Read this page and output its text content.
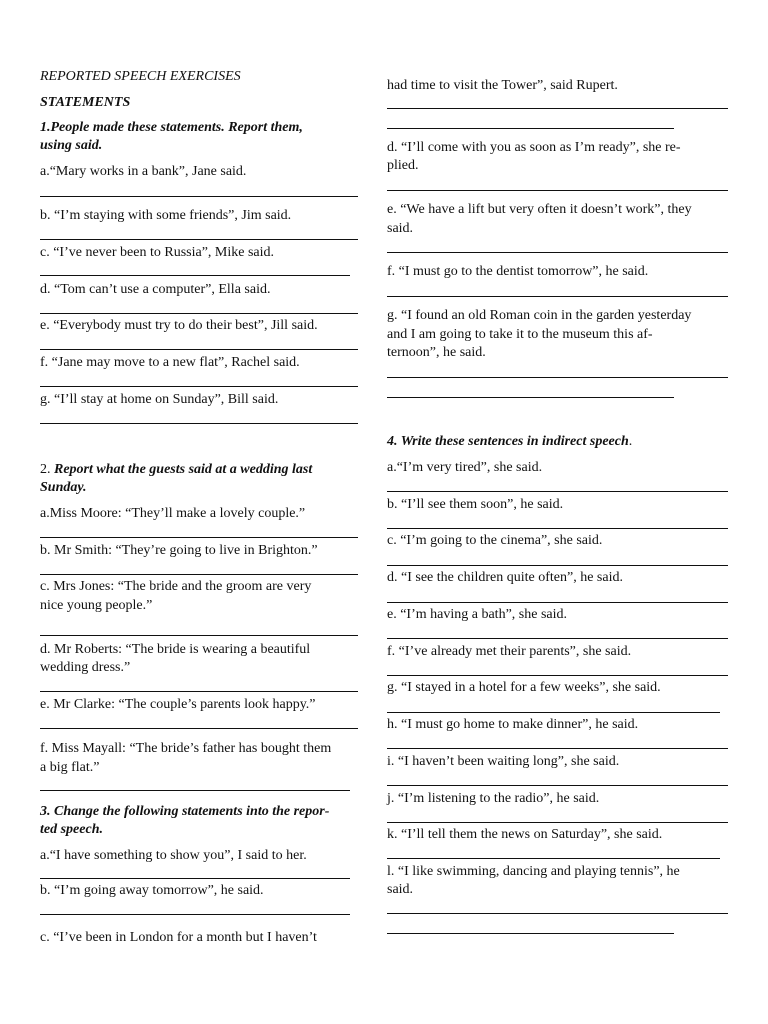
REPORTED SPEECH EXERCISES
STATEMENTS
1.People made these statements. Report them,
using said.
a.“Mary works in a bank”, Jane said.
b. “I’m staying with some friends”, Jim said.
c. “I’ve never been to Russia”, Mike said.
d. “Tom can’t use a computer”, Ella said.
e. “Everybody must try to do their best”, Jill said.
f. “Jane may move to a new flat”, Rachel said.
g. “I’ll stay at home on Sunday”, Bill said.
2. Report what the guests said at a wedding last
Sunday.
a.Miss Moore: “They’ll make a lovely couple.”
b. Mr Smith: “They’re going to live in Brighton.”
c. Mrs Jones: “The bride and the groom are very
nice young people.”
d. Mr Roberts: “The bride is wearing a beautiful
wedding dress.”
e. Mr Clarke: “The couple’s parents look happy.”
f. Miss Mayall: “The bride’s father has bought them
a big flat.”
3. Change the following statements into the repor-
ted speech.
a.“I have something to show you”, I said to her.
b. “I’m going away tomorrow”, he said.
c. “I’ve been in London for a month but I haven’t
had time to visit the Tower”, said Rupert.
d. “I’ll come with you as soon as I’m ready”, she re-
plied.
e. “We have a lift but very often it doesn’t work”, they
said.
f. “I must go to the dentist tomorrow”, he said.
g. “I found an old Roman coin in the garden yesterday
and I am going to take it to the museum this af-
ternoon”, he said.
4. Write these sentences in indirect speech.
a.“I’m very tired”, she said.
b. “I’ll see them soon”, he said.
c. “I’m going to the cinema”, she said.
d. “I see the children quite often”, he said.
e. “I’m having a bath”, she said.
f. “I’ve already met their parents”, she said.
g. “I stayed in a hotel for a few weeks”, she said.
h. “I must go home to make dinner”, he said.
i. “I haven’t been waiting long”, she said.
j. “I’m listening to the radio”, he said.
k. “I’ll tell them the news on Saturday”, she said.
l. “I like swimming, dancing and playing tennis”, he
said.
